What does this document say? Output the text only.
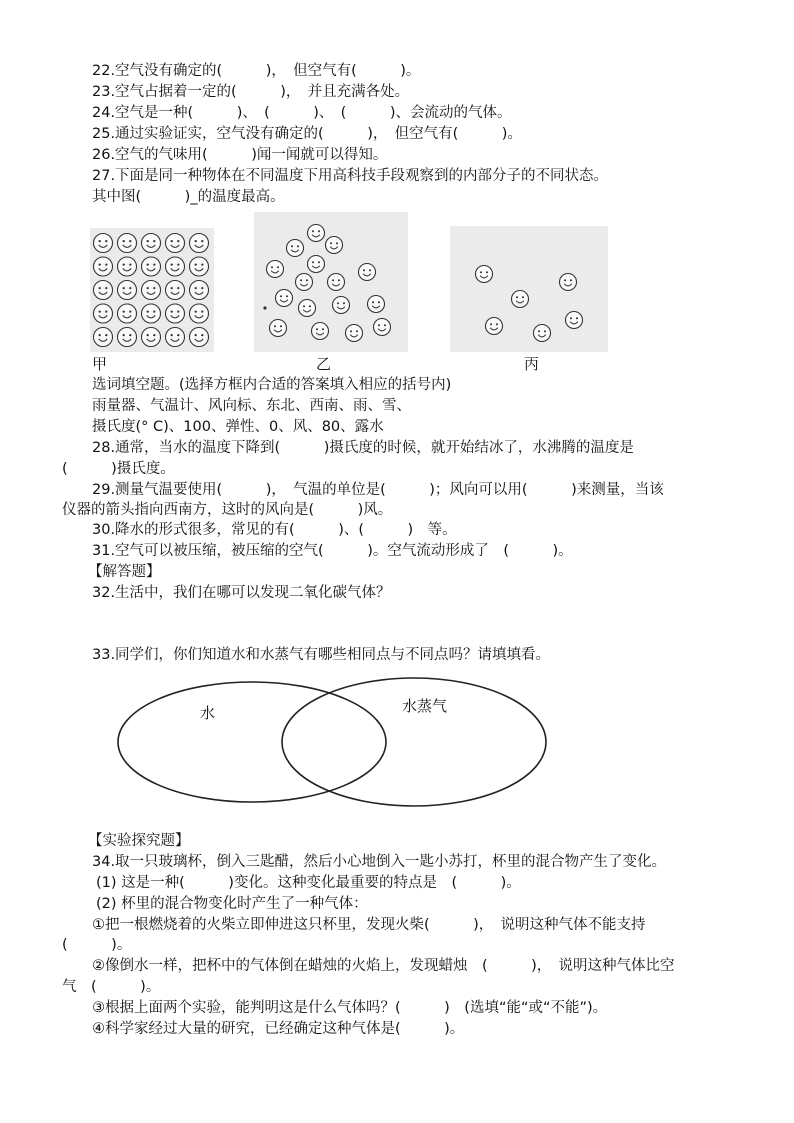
22.空气没有确定的(　　　)，　但空气有(　　　)。
23.空气占据着一定的(　　　)，　并且充满各处。
24.空气是一种(　　　)、　(　　　)、　(　　　)、会流动的气体。
25.通过实验证实，空气没有确定的(　　　)，　但空气有(　　　)。
26.空气的气味用(　　　)闻一闻就可以得知。
27.下面是同一种物体在不同温度下用高科技手段观察到的内部分子的不同状态。
其中图(　　　)_的温度最高。
甲	乙	丙
选词填空题。(选择方框内合适的答案填入相应的括号内)
雨量器、气温计、风向标、东北、西南、雨、雪、
摄氏度(° C)、100、弹性、0、风、80、露水
28.通常，当水的温度下降到(　　　)摄氏度的时候，就开始结冰了，水沸腾的温度是
(　　　)摄氏度。
29.测量气温要使用(　　　)，　气温的单位是(　　　)；风向可以用(　　　)来测量，当该
仪器的箭头指向西南方，这时的风向是(　　　)风。
30.降水的形式很多，常见的有(　　　)、(　　　)　等。
31.空气可以被压缩，被压缩的空气(　　　)。空气流动形成了　(　　　)。
【解答题】
32.生活中，我们在哪可以发现二氧化碳气体？
33.同学们，你们知道水和水蒸气有哪些相同点与不同点吗？请填填看。
水	水蒸气
【实验探究题】
34.取一只玻璃杯，倒入三匙醋，然后小心地倒入一匙小苏打，杯里的混合物产生了变化。
(1) 这是一种(　　　)变化。这种变化最重要的特点是　(　　　)。
(2) 杯里的混合物变化时产生了一种气体：
①把一根燃烧着的火柴立即伸进这只杯里，发现火柴(　　　)，　说明这种气体不能支持
(　　　)。
②像倒水一样，把杯中的气体倒在蜡烛的火焰上，发现蜡烛　(　　　)，　说明这种气体比空
气　(　　　)。
③根据上面两个实验，能判明这是什么气体吗？(　　　)　(选填“能“或“不能”)。
④科学家经过大量的研究，已经确定这种气体是(　　　)。
